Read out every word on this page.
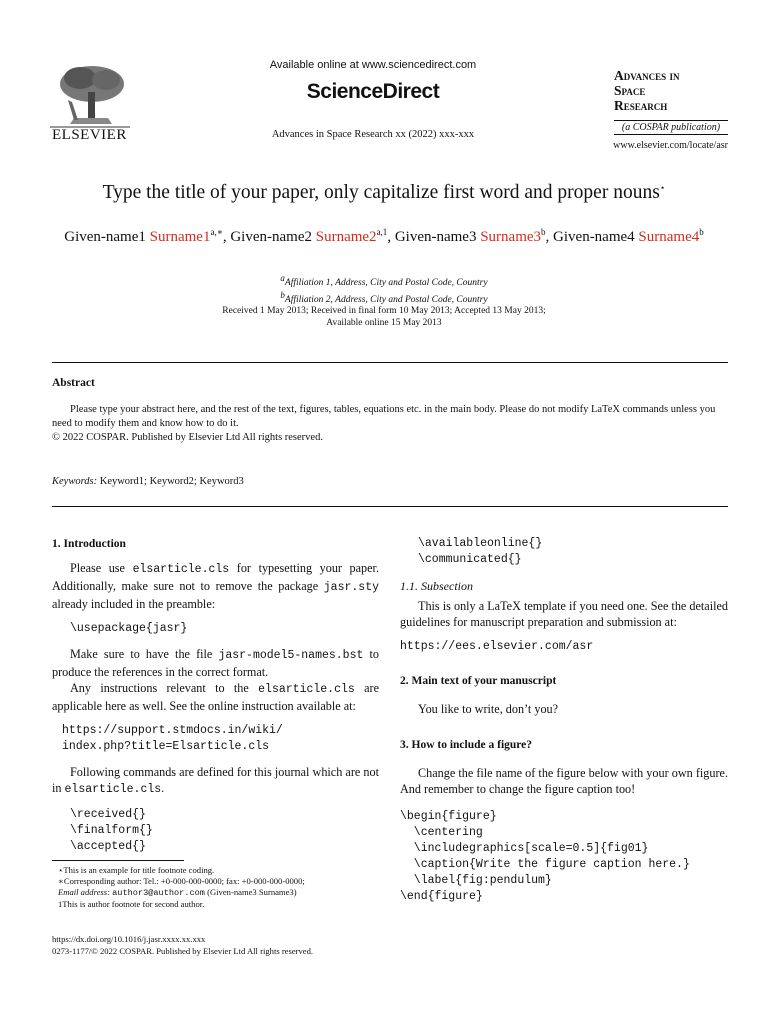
ELSEVIER
Available online at www.sciencedirect.com
ScienceDirect
Advances in Space Research xx (2022) xxx-xxx
Advances in
Space
Research
(a COSPAR publication)
www.elsevier.com/locate/asr
Type the title of your paper, only capitalize first word and proper nouns⋆
Given-name1 $Surname1^{a,∗}$, Given-name2 Surname2$^{a,1}$, Given-name3 Surname3$^b$, Given-name4 Surname4$^b$
$^a$Affiliation 1, Address, City and Postal Code, Country
$^b$Affiliation 2, Address, City and Postal Code, Country
Received 1 May 2013; Received in final form 10 May 2013; Accepted 13 May 2013;
Available online 15 May 2013
Abstract
Please type your abstract here, and the rest of the text, figures, tables, equations etc. in the main body. Please do not modify LaTeX commands unless you need to modify them and know how to do it.
© 2022 COSPAR. Published by Elsevier Ltd All rights reserved.
Keywords: Keyword1; Keyword2; Keyword3
1. Introduction

Please use elsarticle.cls for typesetting your paper. Additionally, make sure not to remove the package jasr.sty already included in the preamble:

\usepackage{jasr}

Make sure to have the file jasr-model5-names.bst to produce the references in the correct format.

Any instructions relevant to the elsarticle.cls are applicable here as well. See the online instruction available at:

https://support.stmdocs.in/wiki/
index.php?title=Elsarticle.cls

Following commands are defined for this journal which are not in elsarticle.cls.

\received{}
\finalform{}
\accepted{}
\availableonline{}
\communicated{}
1.1. Subsection

This is only a LaTeX template if you need one. See the detailed guidelines for manuscript preparation and submission at:

https://ees.elsevier.com/asr
2. Main text of your manuscript

You like to write, don’t you?

3. How to include a figure?

Change the file name of the figure below with your own figure. And remember to change the figure caption too!

\begin{figure}
\centering
\includegraphics[scale=0.5]{fig01}
\caption{Write the figure caption here.}
\label{fig:pendulum}
\end{figure}
⋆This is an example for title footnote coding.
∗Corresponding author: Tel.: +0-000-000-0000; fax: +0-000-000-0000;
Email address: author3@author.com (Given-name3 Surname3)
1This is author footnote for second author.
https://dx.doi.org/10.1016/j.jasr.xxxx.xx.xxx
0273-1177/© 2022 COSPAR. Published by Elsevier Ltd All rights reserved.
